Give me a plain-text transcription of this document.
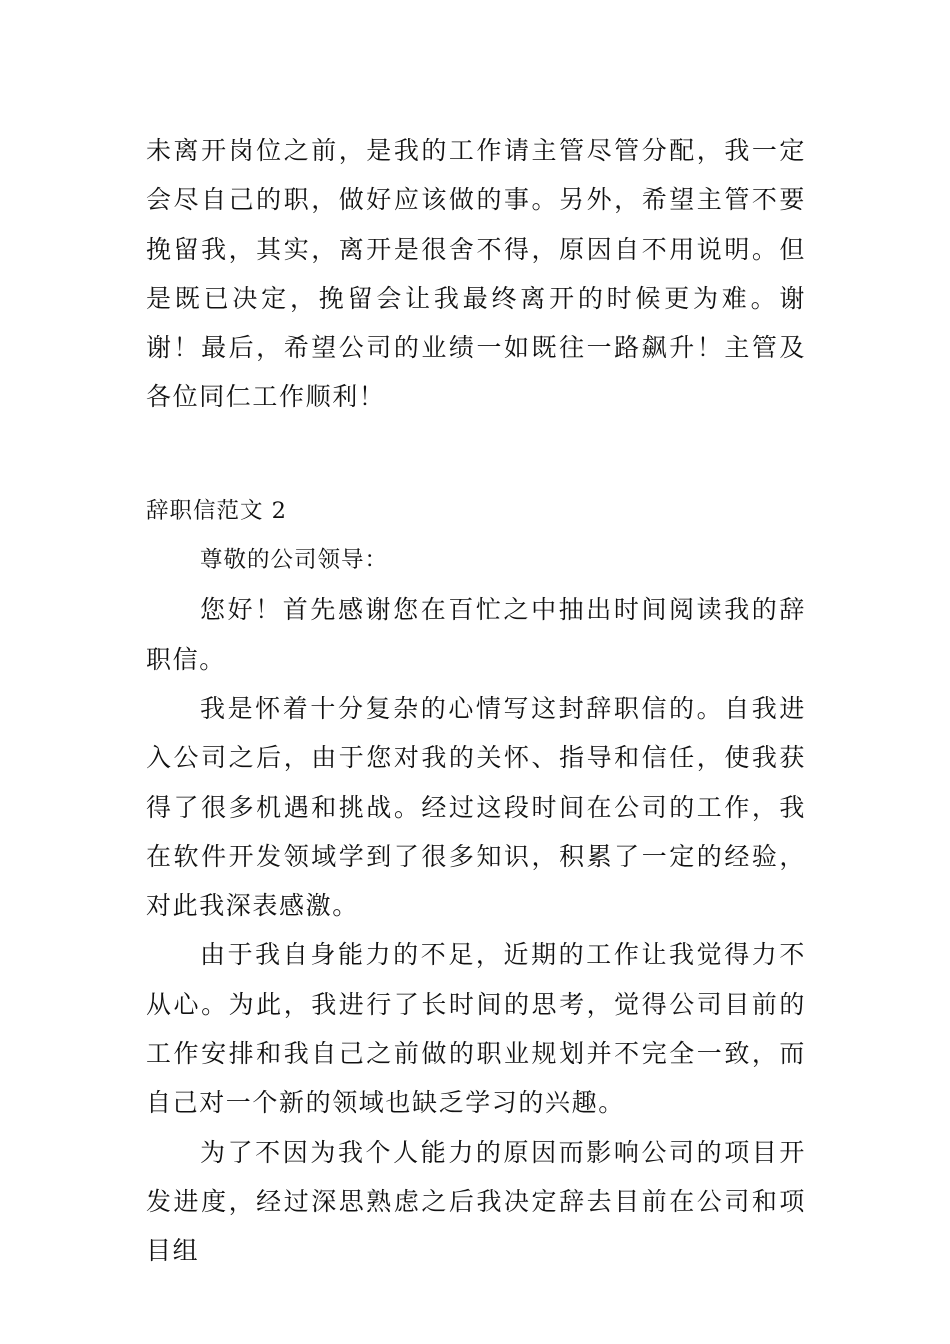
未离开岗位之前，是我的工作请主管尽管分配，我一定会尽自己的职，做好应该做的事。另外，希望主管不要挽留我，其实，离开是很舍不得，原因自不用说明。但是既已决定，挽留会让我最终离开的时候更为难。谢谢！最后，希望公司的业绩一如既往一路飙升！主管及各位同仁工作顺利！

辞职信范文 2

尊敬的公司领导：

您好！首先感谢您在百忙之中抽出时间阅读我的辞职信。

我是怀着十分复杂的心情写这封辞职信的。自我进入公司之后，由于您对我的关怀、指导和信任，使我获得了很多机遇和挑战。经过这段时间在公司的工作，我在软件开发领域学到了很多知识，积累了一定的经验，对此我深表感激。

由于我自身能力的不足，近期的工作让我觉得力不从心。为此，我进行了长时间的思考，觉得公司目前的工作安排和我自己之前做的职业规划并不完全一致，而自己对一个新的领域也缺乏学习的兴趣。

为了不因为我个人能力的原因而影响公司的项目开发进度，经过深思熟虑之后我决定辞去目前在公司和项目组
